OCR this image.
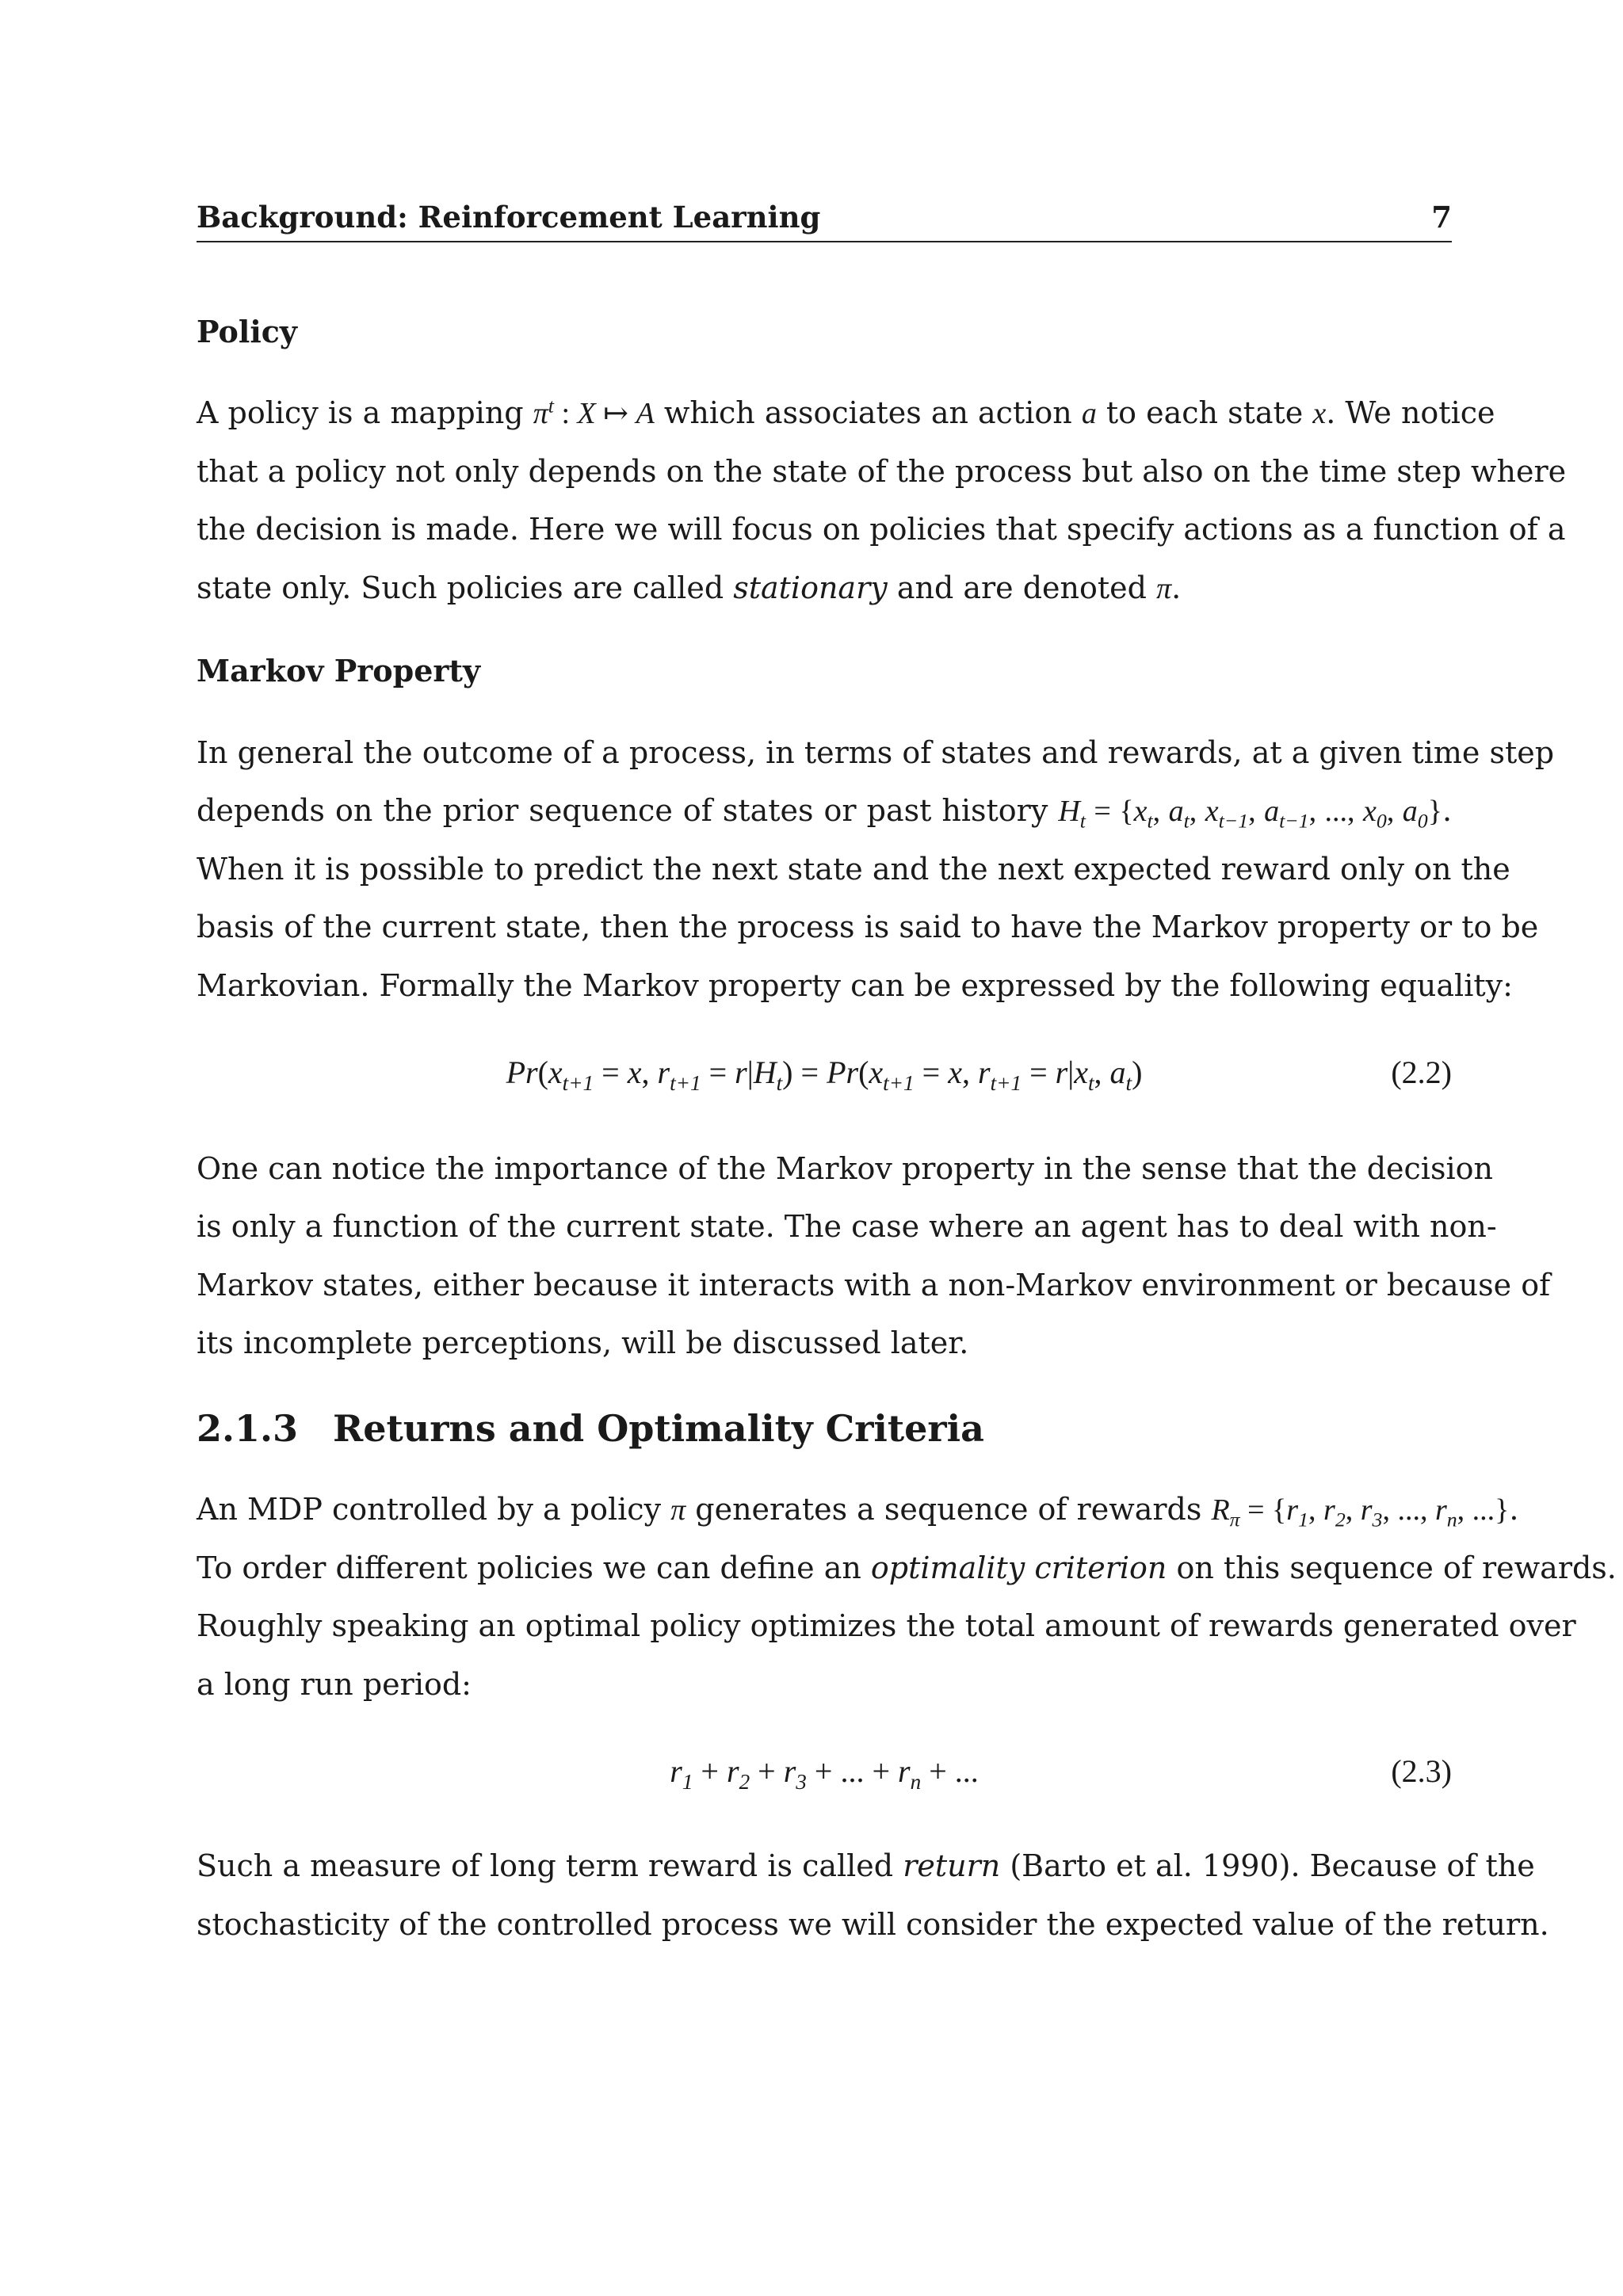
Background: Reinforcement Learning	7
Policy
A policy is a mapping $\pi^t$ : X ↦ A which associates an action a to each state x. We notice
that a policy not only depends on the state of the process but also on the time step where
the decision is made. Here we will focus on policies that specify actions as a function of a
state only. Such policies are called stationary and are denoted π.
Markov Property
In general the outcome of a process, in terms of states and rewards, at a given time step
depends on the prior sequence of states or past history $H_t = \{x_t$, $a_t$, $x_{t-1}$, $a_{t-1}$, ..., $x_0$, $a_0$}.
When it is possible to predict the next state and the next expected reward only on the
basis of the current state, then the process is said to have the Markov property or to be
Markovian. Formally the Markov property can be expressed by the following equality:
$Pr(x_{t+1} = x$, $r_{t+1} = r|H_t) = Pr(x_{t+1} = x$, $r_{t+1} = r|x_t$, $a_t$)	(2.2)
One can notice the importance of the Markov property in the sense that the decision
is only a function of the current state. The case where an agent has to deal with non-
Markov states, either because it interacts with a non-Markov environment or because of
its incomplete perceptions, will be discussed later.
2.1.3 Returns and Optimality Criteria
An MDP controlled by a policy π generates a sequence of rewards $R_\pi = \{r_1$, $r_2$, $r_3$, ..., $r_n$, ...}.
To order different policies we can define an optimality criterion on this sequence of rewards.
Roughly speaking an optimal policy optimizes the total amount of rewards generated over
a long run period:
$r_1 + r_2 + r_3$ + ... + $r_n$ + ...	(2.3)
Such a measure of long term reward is called return (Barto et al. 1990). Because of the
stochasticity of the controlled process we will consider the expected value of the return.
